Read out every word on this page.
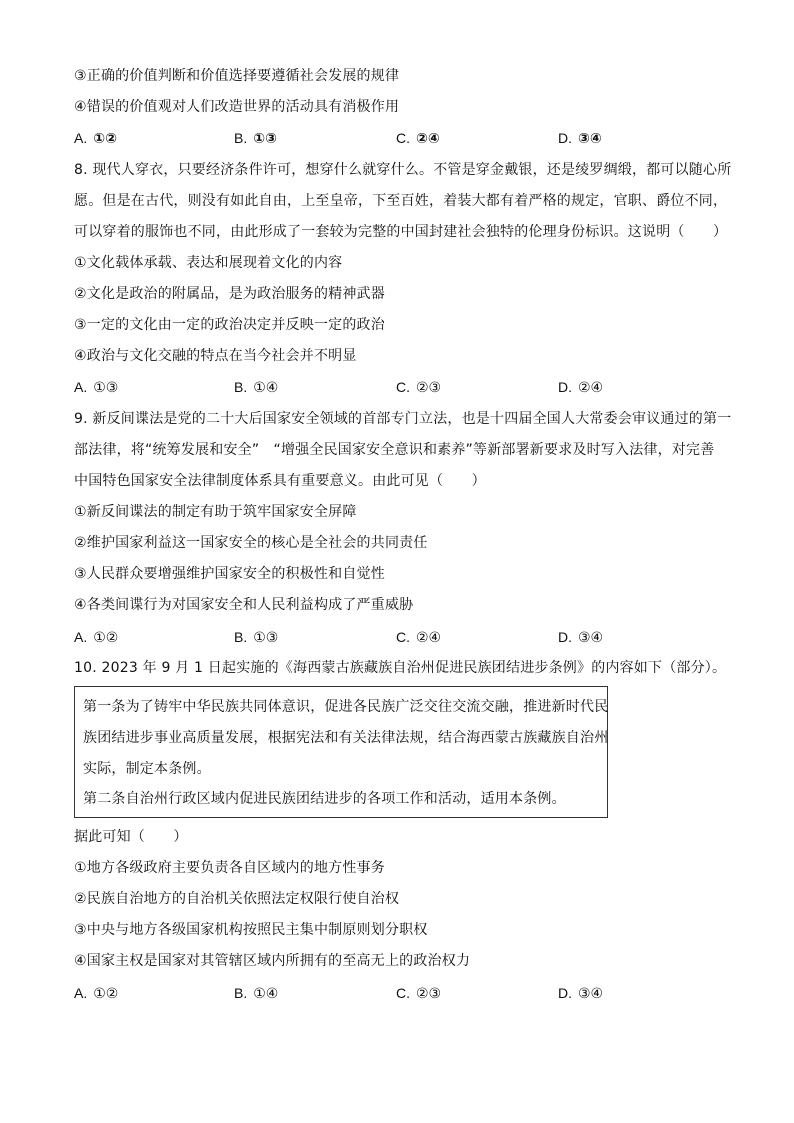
③正确的价值判断和价值选择要遵循社会发展的规律
④错误的价值观对人们改造世界的活动具有消极作用
A. ①②	B. ①③	C. ②④	D. ③④
8. 现代人穿衣，只要经济条件许可，想穿什么就穿什么。不管是穿金戴银，还是绫罗绸缎，都可以随心所
愿。但是在古代，则没有如此自由，上至皇帝，下至百姓，着装大都有着严格的规定，官职、爵位不同，
可以穿着的服饰也不同，由此形成了一套较为完整的中国封建社会独特的伦理身份标识。这说明（　　）
①文化载体承载、表达和展现着文化的内容
②文化是政治的附属品，是为政治服务的精神武器
③一定的文化由一定的政治决定并反映一定的政治
④政治与文化交融的特点在当今社会并不明显
A. ①③	B. ①④	C. ②③	D. ②④
9. 新反间谍法是党的二十大后国家安全领域的首部专门立法，也是十四届全国人大常委会审议通过的第一
部法律，将“统筹发展和安全”　“增强全民国家安全意识和素养”等新部署新要求及时写入法律，对完善
中国特色国家安全法律制度体系具有重要意义。由此可见（　　）
①新反间谍法的制定有助于筑牢国家安全屏障
②维护国家利益这一国家安全的核心是全社会的共同责任
③人民群众要增强维护国家安全的积极性和自觉性
④各类间谍行为对国家安全和人民利益构成了严重威胁
A. ①②	B. ①③	C. ②④	D. ③④
10. 2023 年 9 月 1 日起实施的《海西蒙古族藏族自治州促进民族团结进步条例》的内容如下（部分）。
第一条为了铸牢中华民族共同体意识，促进各民族广泛交往交流交融，推进新时代民
族团结进步事业高质量发展，根据宪法和有关法律法规，结合海西蒙古族藏族自治州
实际，制定本条例。
第二条自治州行政区域内促进民族团结进步的各项工作和活动，适用本条例。
据此可知（　　）
①地方各级政府主要负责各自区域内的地方性事务
②民族自治地方的自治机关依照法定权限行使自治权
③中央与地方各级国家机构按照民主集中制原则划分职权
④国家主权是国家对其管辖区域内所拥有的至高无上的政治权力
A. ①②	B. ①④	C. ②③	D. ③④
